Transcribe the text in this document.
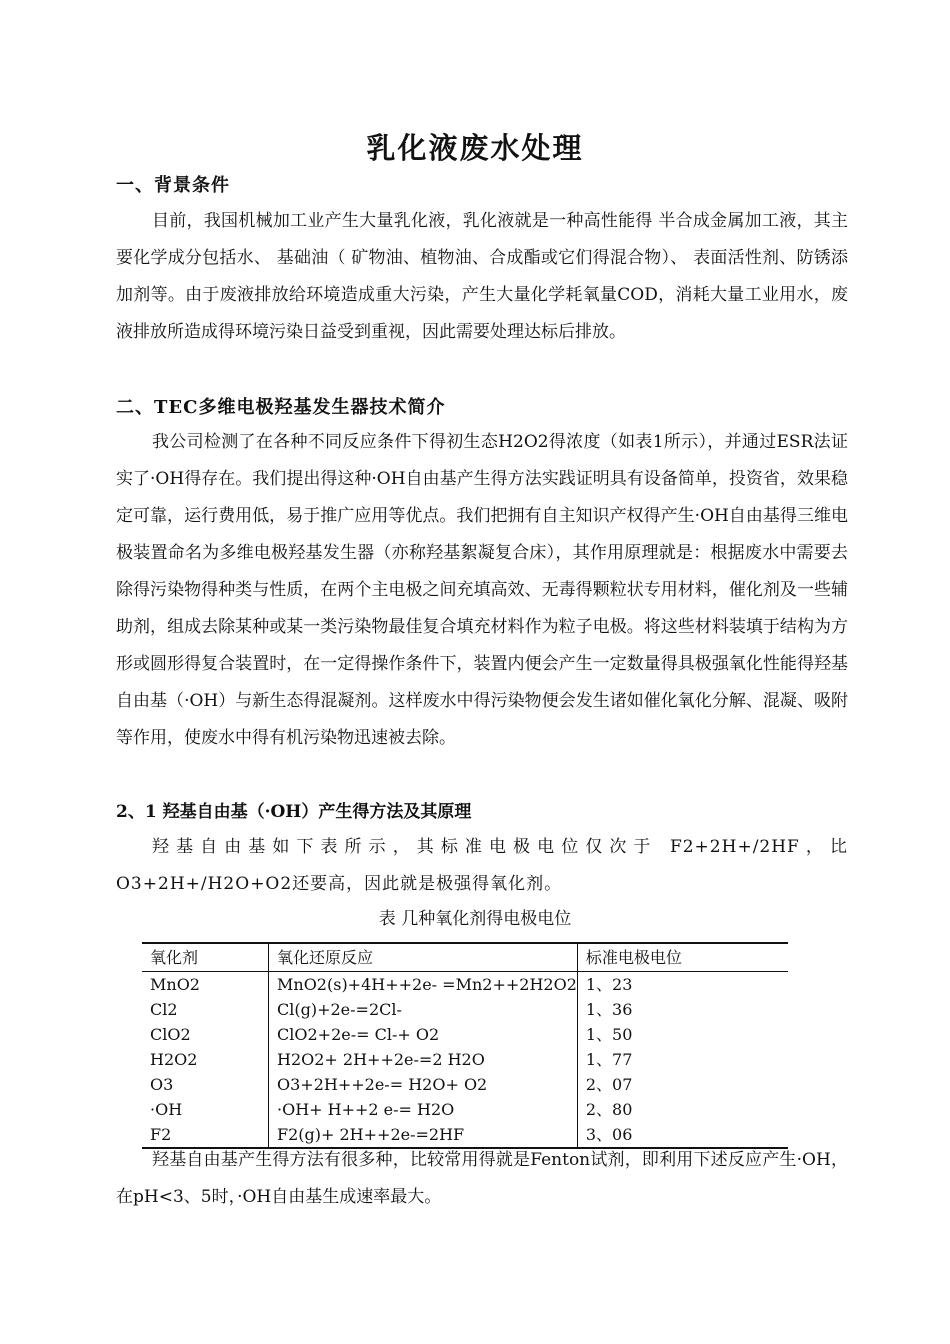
乳化液废水处理
一、背景条件

目前，我国机械加工业产生大量乳化液，乳化液就是一种高性能得 半合成金属加工液，其主要化学成分包括水、 基础油（ 矿物油、植物油、合成酯或它们得混合物）、 表面活性剂、防锈添加剂等。由于废液排放给环境造成重大污染，产生大量化学耗氧量COD，消耗大量工业用水，废液排放所造成得环境污染日益受到重视，因此需要处理达标后排放。

二、TEC多维电极羟基发生器技术简介

我公司检测了在各种不同反应条件下得初生态H2O2得浓度（如表1所示），并通过ESR法证实了·OH得存在。我们提出得这种·OH自由基产生得方法实践证明具有设备简单，投资省，效果稳定可靠，运行费用低，易于推广应用等优点。我们把拥有自主知识产权得产生·OH自由基得三维电极装置命名为多维电极羟基发生器（亦称羟基絮凝复合床），其作用原理就是：根据废水中需要去除得污染物得种类与性质，在两个主电极之间充填高效、无毒得颗粒状专用材料，催化剂及一些辅助剂，组成去除某种或某一类污染物最佳复合填充材料作为粒子电极。将这些材料装填于结构为方形或圆形得复合装置时，在一定得操作条件下，装置内便会产生一定数量得具极强氧化性能得羟基自由基（·OH）与新生态得混凝剂。这样废水中得污染物便会发生诸如催化氧化分解、混凝、吸附等作用，使废水中得有机污染物迅速被去除。

2、1 羟基自由基（·OH）产生得方法及其原理

羟基自由基如下表所示，其标准电极电位仅次于 F2+2H+/2HF，比 O3+2H+/H2O+O2还要高，因此就是极强得氧化剂。

表 几种氧化剂得电极电位

氧化剂	氧化还原反应	标准电极电位
MnO2	MnO2(s)+4H++2e- =Mn2++2H2O2	1、23
Cl2	Cl(g)+2e-=2Cl-	1、36
ClO2	ClO2+2e-= Cl-+ O2	1、50
H2O2	H2O2+ 2H++2e-=2 H2O	1、77
O3	O3+2H++2e-= H2O+ O2	2、07
·OH	·OH+ H++2 e-= H2O	2、80
F2	F2(g)+ 2H++2e-=2HF	3、06

羟基自由基产生得方法有很多种，比较常用得就是Fenton试剂，即利用下述反应产生·OH，在pH<3、5时，·OH自由基生成速率最大。
